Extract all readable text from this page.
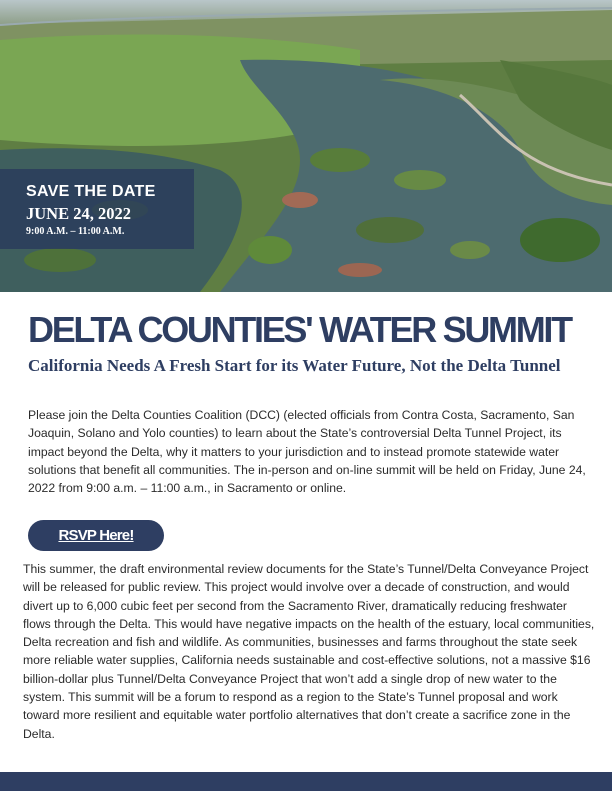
SAVE THE DATE
JUNE 24, 2022
9:00 A.M. – 11:00 A.M.
DELTA COUNTIES' WATER SUMMIT
California Needs A Fresh Start for its Water Future, Not the Delta Tunnel
Please join the Delta Counties Coalition (DCC) (elected officials from Contra Costa, Sacramento, San Joaquin, Solano and Yolo counties) to learn about the State’s controversial Delta Tunnel Project, its impact beyond the Delta, why it matters to your jurisdiction and to instead promote statewide water solutions that benefit all communities. The in-person and on-line summit will be held on Friday, June 24, 2022 from 9:00 a.m. – 11:00 a.m., in Sacramento or online.
RSVP Here!
This summer, the draft environmental review documents for the State’s Tunnel/Delta Conveyance Project will be released for public review. This project would involve over a decade of construction, and would divert up to 6,000 cubic feet per second from the Sacramento River, dramatically reducing freshwater flows through the Delta. This would have negative impacts on the health of the estuary, local communities, Delta recreation and fish and wildlife. As communities, businesses and farms throughout the state seek more reliable water supplies, California needs sustainable and cost-effective solutions, not a massive $16 billion-dollar plus Tunnel/Delta Conveyance Project that won’t add a single drop of new water to the system. This summit will be a forum to respond as a region to the State’s Tunnel proposal and work toward more resilient and equitable water portfolio alternatives that don’t create a sacrifice zone in the Delta.
